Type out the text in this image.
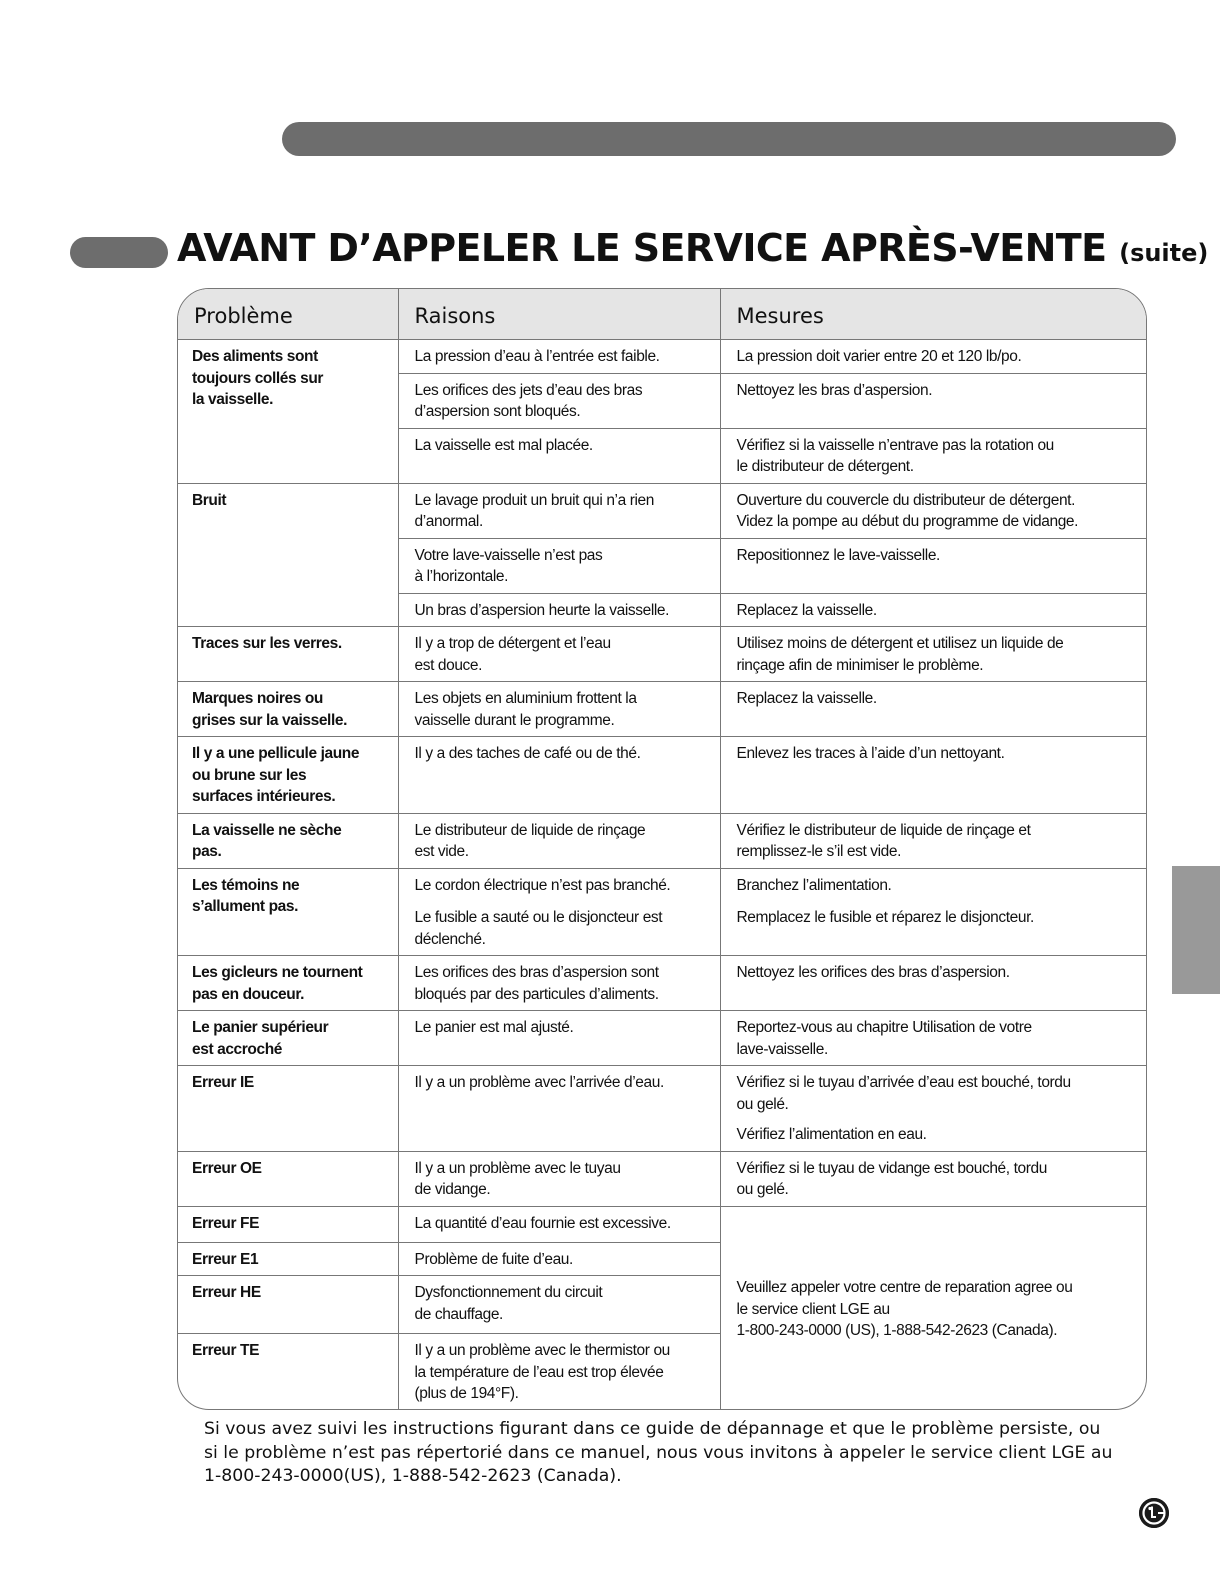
AVANT D’APPELER LE SERVICE APRÈS-VENTE (suite)
Problème	Raisons	Mesures

Des aliments sont
toujours collés sur
la vaisselle.	La pression d’eau à l’entrée est faible.	La pression doit varier entre 20 et 120 lb/po.

	Les orifices des jets d’eau des bras
d’aspersion sont bloqués.	Nettoyez les bras d’aspersion.

	La vaisselle est mal placée.	Vérifiez si la vaisselle n’entrave pas la rotation ou
le distributeur de détergent.

Bruit	Le lavage produit un bruit qui n’a rien
d’anormal.	Ouverture du couvercle du distributeur de détergent.
Videz la pompe au début du programme de vidange.

	Votre lave-vaisselle n’est pas
à l’horizontale.	Repositionnez le lave-vaisselle.

	Un bras d’aspersion heurte la vaisselle.	Replacez la vaisselle.

Traces sur les verres.	Il y a trop de détergent et l’eau
est douce.	Utilisez moins de détergent et utilisez un liquide de
rinçage afin de minimiser le problème.

Marques noires ou
grises sur la vaisselle.	Les objets en aluminium frottent la
vaisselle durant le programme.	Replacez la vaisselle.

Il y a une pellicule jaune
ou brune sur les
surfaces intérieures.	Il y a des taches de café ou de thé.	Enlevez les traces à l’aide d’un nettoyant.

La vaisselle ne sèche
pas.	Le distributeur de liquide de rinçage
est vide.	Vérifiez le distributeur de liquide de rinçage et
remplissez-le s’il est vide.

Les témoins ne
s’allument pas.	Le cordon électrique n’est pas branché.	Branchez l’alimentation.

	Le fusible a sauté ou le disjoncteur est
déclenché.	Remplacez le fusible et réparez le disjoncteur.

Les gicleurs ne tournent
pas en douceur.	Les orifices des bras d’aspersion sont
bloqués par des particules d’aliments.	Nettoyez les orifices des bras d’aspersion.

Le panier supérieur
est accroché	Le panier est mal ajusté.	Reportez-vous au chapitre Utilisation de votre
lave-vaisselle.

Erreur IE	Il y a un problème avec l’arrivée d’eau.	Vérifiez si le tuyau d’arrivée d’eau est bouché, tordu
ou gelé.
Vérifiez l’alimentation en eau.

Erreur OE	Il y a un problème avec le tuyau
de vidange.	Vérifiez si le tuyau de vidange est bouché, tordu
ou gelé.

Erreur FE	La quantité d’eau fournie est excessive.	Veuillez appeler votre centre de reparation agree ou
le service client LGE au
1-800-243-0000 (US), 1-888-542-2623 (Canada).

Erreur E1	Problème de fuite d’eau.	

Erreur HE	Dysfonctionnement du circuit
de chauffage.	

Erreur TE	Il y a un problème avec le thermistor ou
la température de l’eau est trop élevée
(plus de 194°F).	

Si vous avez suivi les instructions figurant dans ce guide de dépannage et que le problème persiste, ou
si le problème n’est pas répertorié dans ce manuel, nous vous invitons à appeler le service client LGE au
1-800-243-0000(US), 1-888-542-2623 (Canada).
